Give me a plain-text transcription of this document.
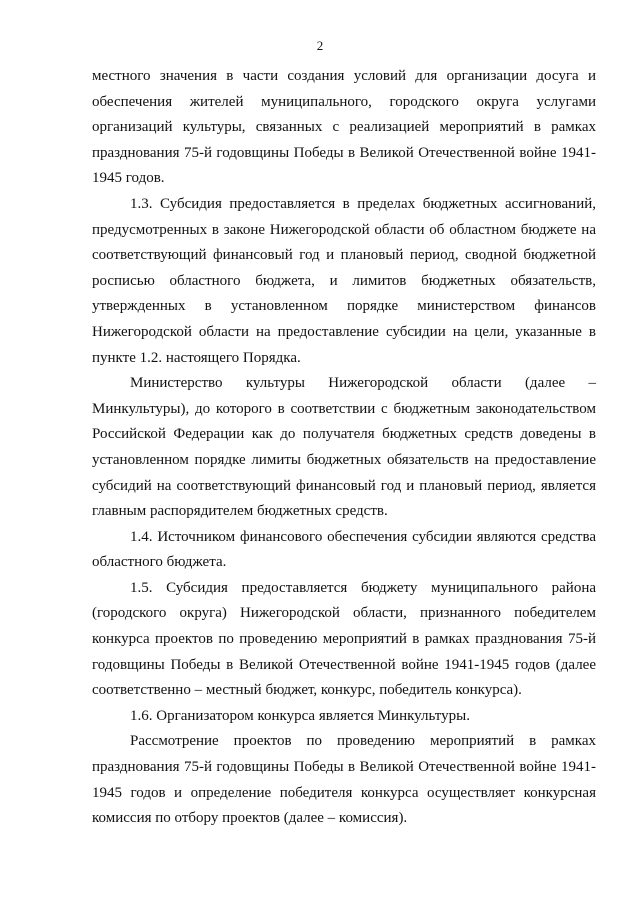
2

местного значения в части создания условий для организации досуга и обеспечения жителей муниципального, городского округа услугами организаций культуры, связанных с реализацией мероприятий в рамках празднования 75-й годовщины Победы в Великой Отечественной войне 1941-1945 годов.

1.3. Субсидия предоставляется в пределах бюджетных ассигнований, предусмотренных в законе Нижегородской области об областном бюджете на соответствующий финансовый год и плановый период, сводной бюджетной росписью областного бюджета, и лимитов бюджетных обязательств, утвержденных в установленном порядке министерством финансов Нижегородской области на предоставление субсидии на цели, указанные в пункте 1.2. настоящего Порядка.

Министерство культуры Нижегородской области (далее – Минкультуры), до которого в соответствии с бюджетным законодательством Российской Федерации как до получателя бюджетных средств доведены в установленном порядке лимиты бюджетных обязательств на предоставление субсидий на соответствующий финансовый год и плановый период, является главным распорядителем бюджетных средств.

1.4. Источником финансового обеспечения субсидии являются средства областного бюджета.

1.5. Субсидия предоставляется бюджету муниципального района (городского округа) Нижегородской области, признанного победителем конкурса проектов по проведению мероприятий в рамках празднования 75-й годовщины Победы в Великой Отечественной войне 1941-1945 годов (далее соответственно – местный бюджет, конкурс, победитель конкурса).

1.6. Организатором конкурса является Минкультуры.

Рассмотрение проектов по проведению мероприятий в рамках празднования 75-й годовщины Победы в Великой Отечественной войне 1941-1945 годов и определение победителя конкурса осуществляет конкурсная комиссия по отбору проектов (далее – комиссия).
